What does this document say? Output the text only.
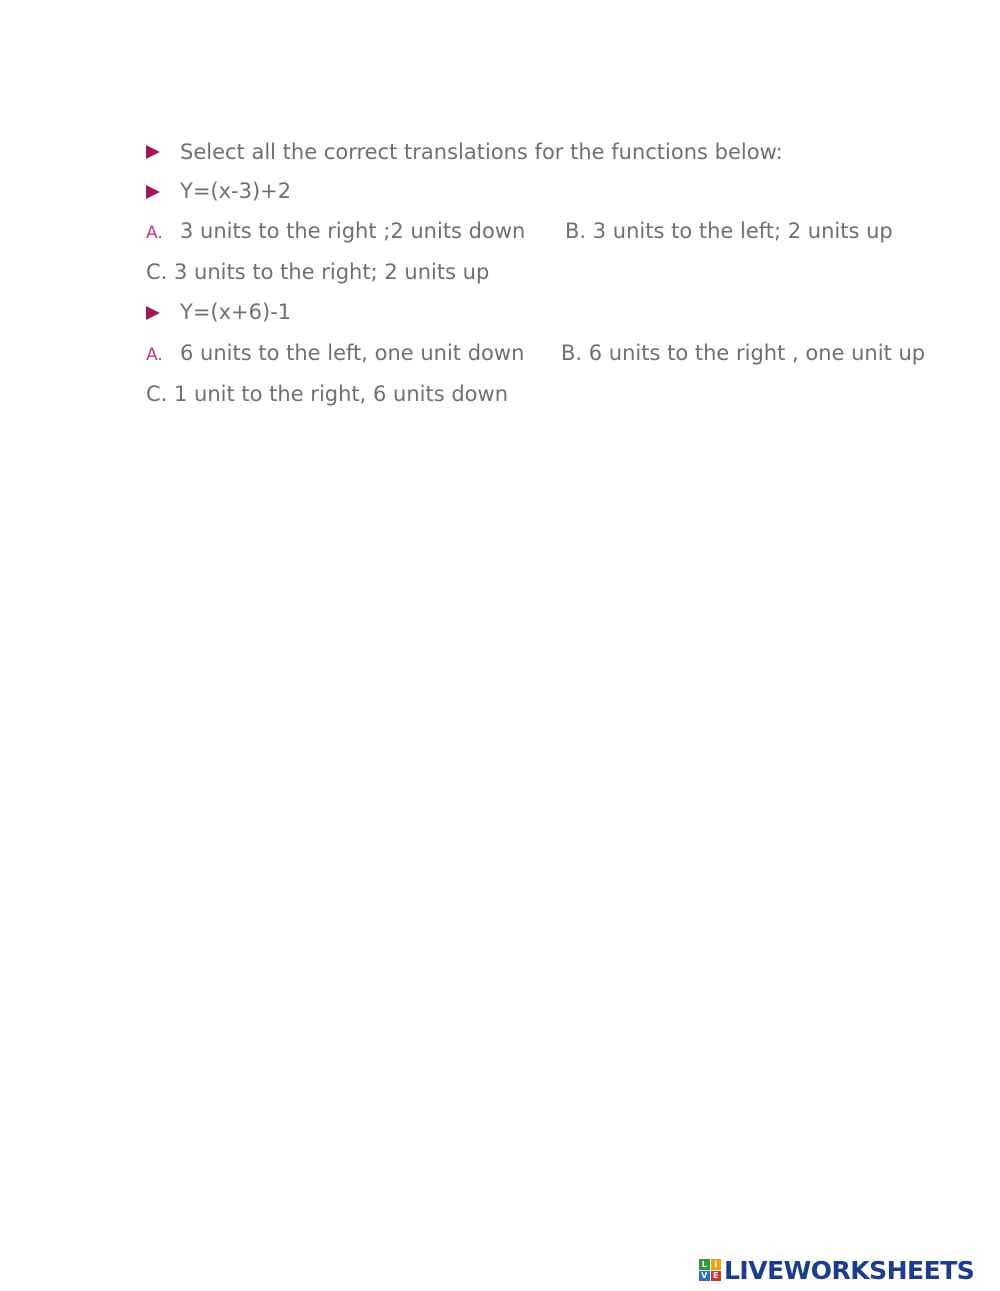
Select all the correct translations for the functions below:
Y=(x-3)+2
A. 3 units to the right ;2 units down B. 3 units to the left; 2 units up
C. 3 units to the right; 2 units up
Y=(x+6)-1
A. 6 units to the left, one unit down B. 6 units to the right , one unit up
C. 1 unit to the right, 6 units down
L I
V E LIVEWORKSHEETS
